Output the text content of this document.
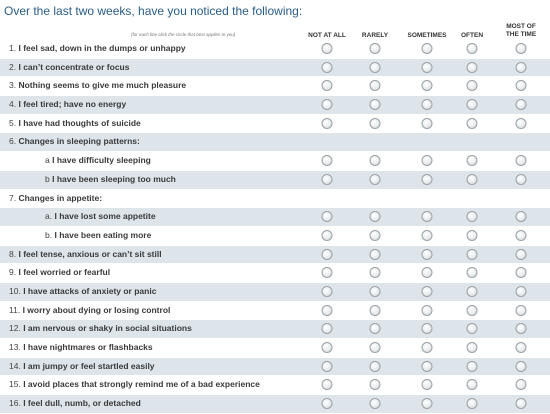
Over the last two weeks, have you noticed the following:
(for each line click the circle that best applies to you)	NOT AT ALL RARELY	SOMETIMES OFTEN
MOST OF THE TIME
1. I feel sad, down in the dumps or unhappy
2. I can’t concentrate or focus
3. Nothing seems to give me much pleasure
4. I feel tired; have no energy
5. I have had thoughts of suicide
6. Changes in sleeping patterns:
a I have difficulty sleeping
b I have been sleeping too much
7. Changes in appetite:
a. I have lost some appetite
b. I have been eating more
8. I feel tense, anxious or can’t sit still
9. I feel worried or fearful
10. I have attacks of anxiety or panic
11. I worry about dying or losing control
12. I am nervous or shaky in social situations
13. I have nightmares or flashbacks
14. I am jumpy or feel startled easily
15. I avoid places that strongly remind me of a bad experience
16. I feel dull, numb, or detached
